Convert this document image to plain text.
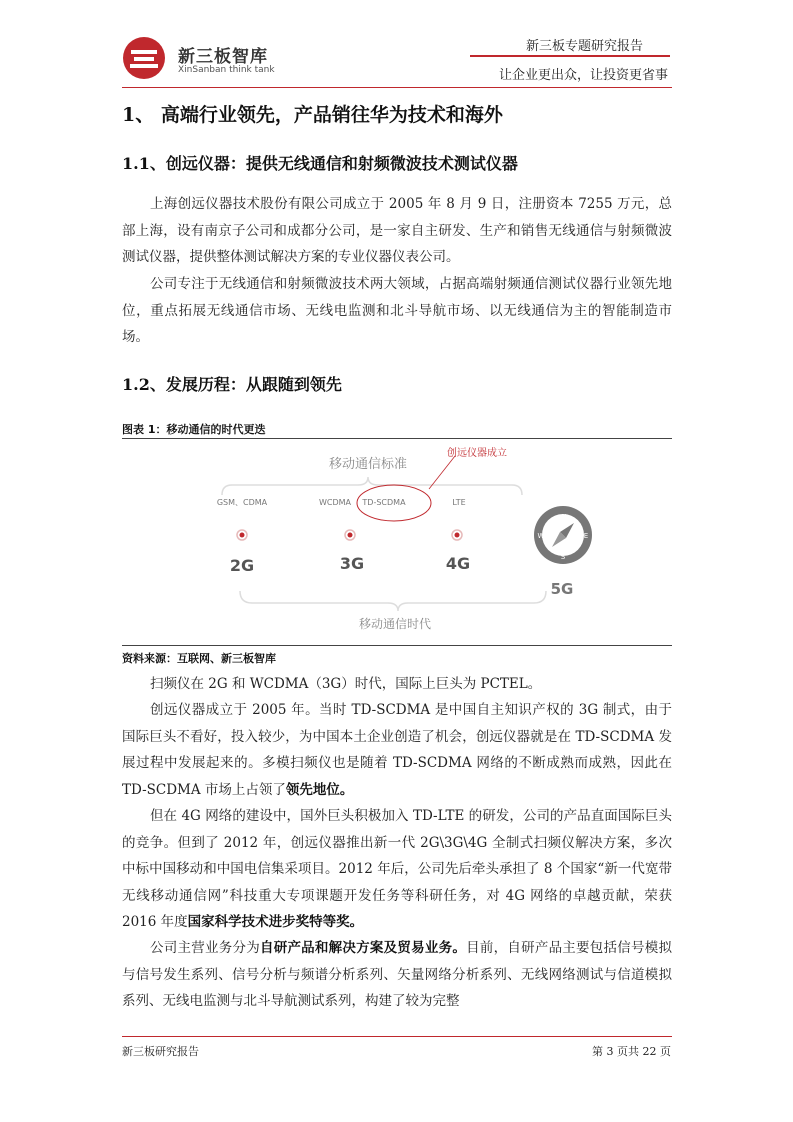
新三板智库
XinSanban think tank
新三板专题研究报告
让企业更出众，让投资更省事
1、 高端行业领先，产品销往华为技术和海外
1.1、创远仪器：提供无线通信和射频微波技术测试仪器

上海创远仪器技术股份有限公司成立于 2005 年 8 月 9 日，注册资本 7255 万元，总部上海，设有南京子公司和成都分公司，是一家自主研发、生产和销售无线通信与射频微波测试仪器，提供整体测试解决方案的专业仪器仪表公司。

公司专注于无线通信和射频微波技术两大领域，占据高端射频通信测试仪器行业领先地位，重点拓展无线通信市场、无线电监测和北斗导航市场、以无线通信为主的智能制造市场。

1.2、发展历程：从跟随到领先
图表 1：移动通信的时代更迭
移动通信标准
创远仪器成立
GSM、CDMA	WCDMA TD-SCDMA	LTE
2G	3G	4G
5G
N
S
W	E
移动通信时代
资料来源：互联网、新三板智库

扫频仪在 2G 和 WCDMA（3G）时代，国际上巨头为 PCTEL。

创远仪器成立于 2005 年。当时 TD-SCDMA 是中国自主知识产权的 3G 制式，由于国际巨头不看好，投入较少，为中国本土企业创造了机会，创远仪器就是在 TD-SCDMA 发展过程中发展起来的。多模扫频仪也是随着 TD-SCDMA 网络的不断成熟而成熟，因此在 TD-SCDMA 市场上占领了领先地位。

但在 4G 网络的建设中，国外巨头积极加入 TD-LTE 的研发，公司的产品直面国际巨头的竞争。但到了 2012 年，创远仪器推出新一代 2G\3G\4G 全制式扫频仪解决方案，多次中标中国移动和中国电信集采项目。2012 年后，公司先后牵头承担了 8 个国家“新一代宽带无线移动通信网”科技重大专项课题开发任务等科研任务，对 4G 网络的卓越贡献，荣获 2016 年度国家科学技术进步奖特等奖。

公司主营业务分为自研产品和解决方案及贸易业务。目前，自研产品主要包括信号模拟与信号发生系列、信号分析与频谱分析系列、矢量网络分析系列、无线网络测试与信道模拟系列、无线电监测与北斗导航测试系列，构建了较为完整

新三板研究报告	第 3 页共 22 页
